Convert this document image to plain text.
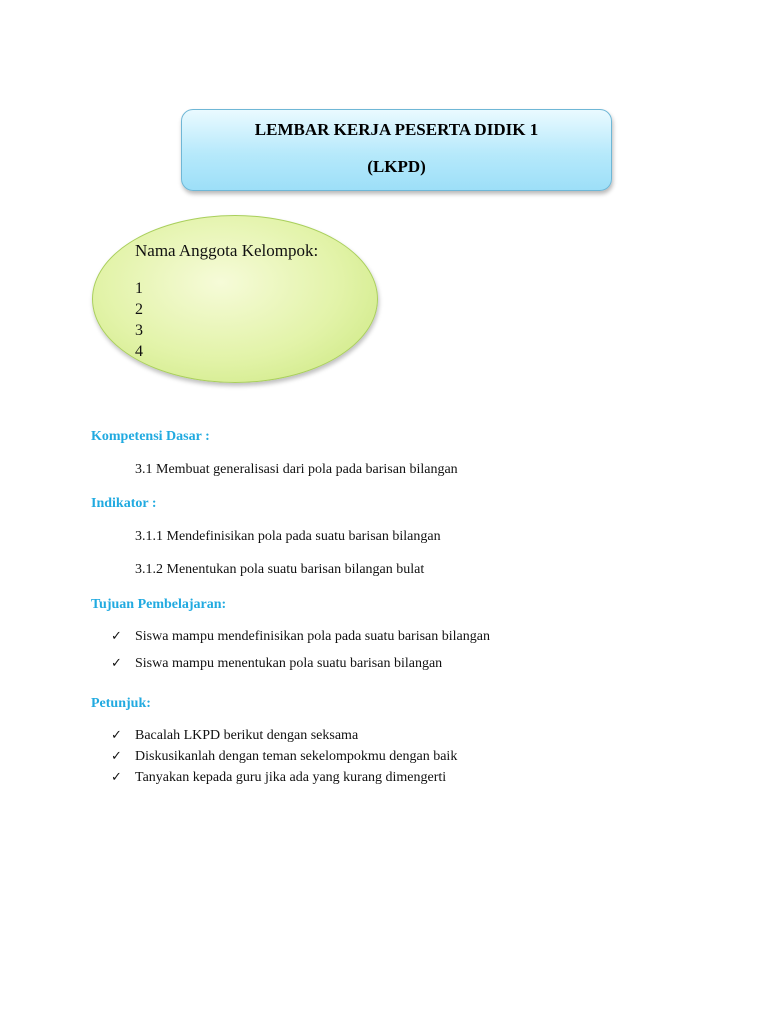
LEMBAR KERJA PESERTA DIDIK 1
(LKPD)
Nama Anggota Kelompok:
1
2
3
4
Kompetensi Dasar :
3.1 Membuat generalisasi dari pola pada barisan bilangan
Indikator :
3.1.1 Mendefinisikan pola pada suatu barisan bilangan
3.1.2 Menentukan pola suatu barisan bilangan bulat
Tujuan Pembelajaran:
✓ Siswa mampu mendefinisikan pola pada suatu barisan bilangan
✓ Siswa mampu menentukan pola suatu barisan bilangan
Petunjuk:
✓ Bacalah LKPD berikut dengan seksama
✓ Diskusikanlah dengan teman sekelompokmu dengan baik
✓ Tanyakan kepada guru jika ada yang kurang dimengerti
